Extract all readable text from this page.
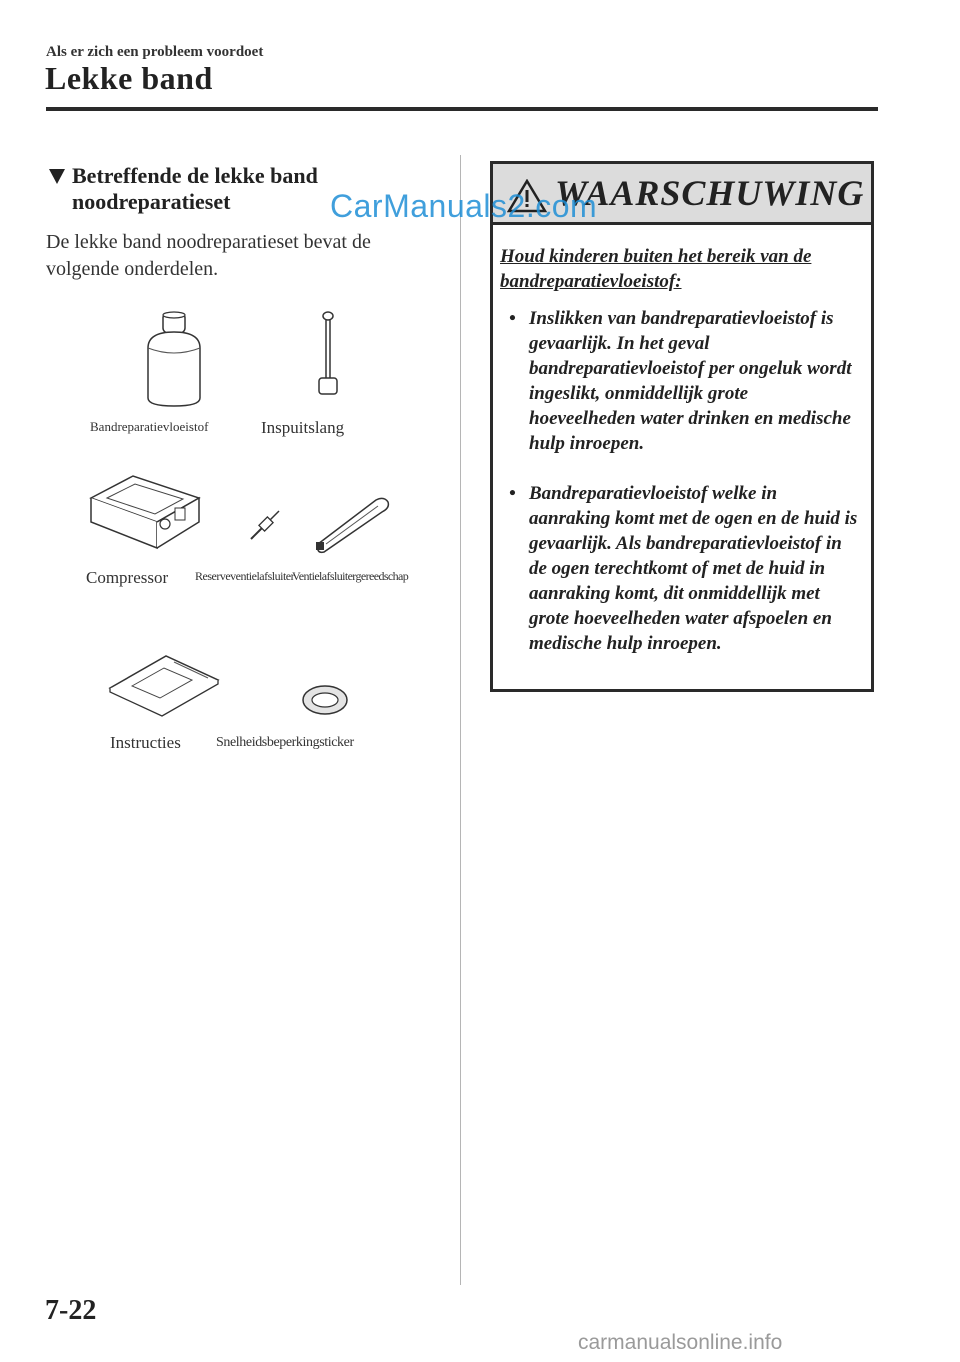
Als er zich een probleem voordoet
Lekke band
Betreffende de lekke band noodreparatieset
De lekke band noodreparatieset bevat de volgende onderdelen.
Bandreparatievloeistof	Inspuitslang
Compressor Reserveventielafsluiter
Ventielafsluitergereedschap
Instructies	Snelheidsbeperkingsticker
WAARSCHUWING
Houd kinderen buiten het bereik van de bandreparatievloeistof:
• Inslikken van bandreparatievloeistof is gevaarlijk. In het geval bandreparatievloeistof per ongeluk wordt ingeslikt, onmiddellijk grote hoeveelheden water drinken en medische hulp inroepen.
• Bandreparatievloeistof welke in aanraking komt met de ogen en de huid is gevaarlijk. Als bandreparatievloeistof in de ogen terechtkomt of met de huid in aanraking komt, dit onmiddellijk met grote hoeveelheden water afspoelen en medische hulp inroepen.
CarManuals2.com
7-22
carmanualsonline.info
